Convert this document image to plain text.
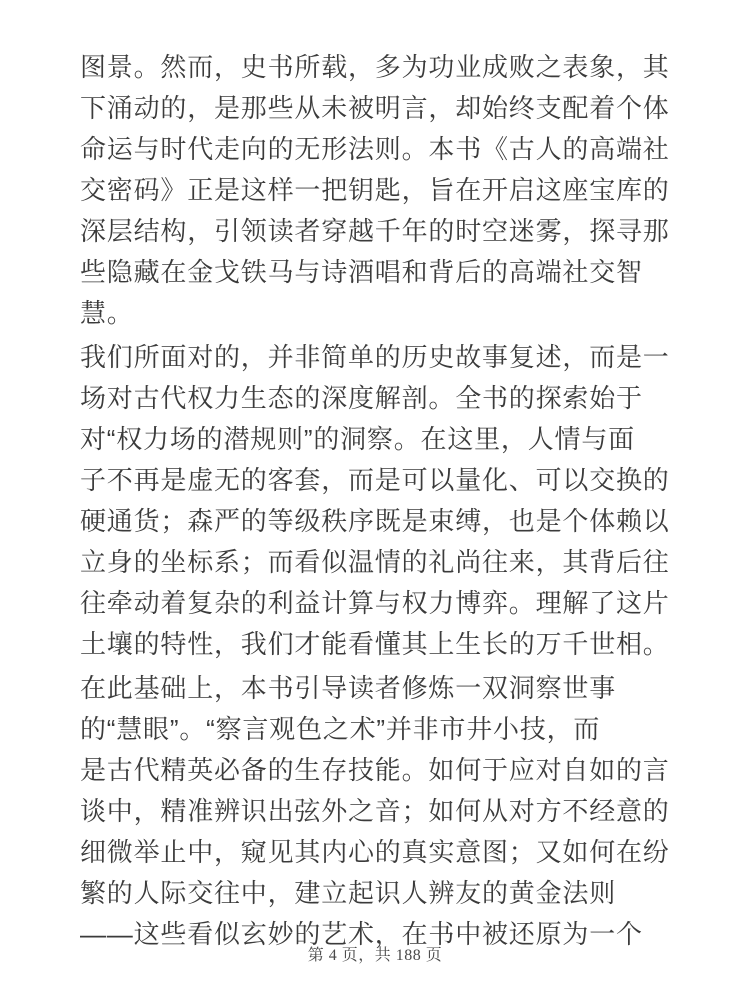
图景。然而，史书所载，多为功业成败之表象，其
下涌动的，是那些从未被明言，却始终支配着个体
命运与时代走向的无形法则。本书《古人的高端社
交密码》正是这样一把钥匙，旨在开启这座宝库的
深层结构，引领读者穿越千年的时空迷雾，探寻那
些隐藏在金戈铁马与诗酒唱和背后的高端社交智
慧。
我们所面对的，并非简单的历史故事复述，而是一
场对古代权力生态的深度解剖。全书的探索始于
对“权力场的潜规则”的洞察。在这里，人情与面
子不再是虚无的客套，而是可以量化、可以交换的
硬通货；森严的等级秩序既是束缚，也是个体赖以
立身的坐标系；而看似温情的礼尚往来，其背后往
往牵动着复杂的利益计算与权力博弈。理解了这片
土壤的特性，我们才能看懂其上生长的万千世相。
在此基础上，本书引导读者修炼一双洞察世事
的“慧眼”。“察言观色之术”并非市井小技，而
是古代精英必备的生存技能。如何于应对自如的言
谈中，精准辨识出弦外之音；如何从对方不经意的
细微举止中，窥见其内心的真实意图；又如何在纷
繁的人际交往中，建立起识人辨友的黄金法则
——这些看似玄妙的艺术，在书中被还原为一个
第 4 页，共 188 页
